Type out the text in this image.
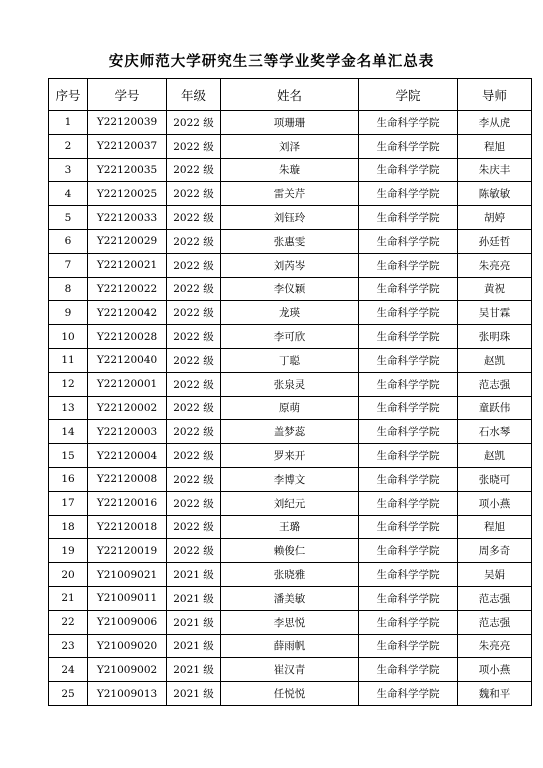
安庆师范大学研究生三等学业奖学金名单汇总表
序号	学号	年级	姓名	学院	导师
1	Y22120039	2022 级	项珊珊	生命科学学院	李从虎
2	Y22120037	2022 级	刘泽	生命科学学院	程旭
3	Y22120035	2022 级	朱璇	生命科学学院	朱庆丰
4	Y22120025	2022 级	雷关芹	生命科学学院	陈敏敏
5	Y22120033	2022 级	刘钰玲	生命科学学院	胡婷
6	Y22120029	2022 级	张惠雯	生命科学学院	孙廷哲
7	Y22120021	2022 级	刘芮岑	生命科学学院	朱亮亮
8	Y22120022	2022 级	李仪颖	生命科学学院	黄祝
9	Y22120042	2022 级	龙瑛	生命科学学院	吴甘霖
10	Y22120028	2022 级	李可欣	生命科学学院	张明珠
11	Y22120040	2022 级	丁聪	生命科学学院	赵凯
12	Y22120001	2022 级	张泉灵	生命科学学院	范志强
13	Y22120002	2022 级	原萌	生命科学学院	童跃伟
14	Y22120003	2022 级	盖梦蕊	生命科学学院	石水琴
15	Y22120004	2022 级	罗来开	生命科学学院	赵凯
16	Y22120008	2022 级	李博文	生命科学学院	张晓可
17	Y22120016	2022 级	刘纪元	生命科学学院	项小燕
18	Y22120018	2022 级	王璐	生命科学学院	程旭
19	Y22120019	2022 级	赖俊仁	生命科学学院	周多奇
20	Y21009021	2021 级	张晓雅	生命科学学院	吴娟
21	Y21009011	2021 级	潘美敏	生命科学学院	范志强
22	Y21009006	2021 级	李思悦	生命科学学院	范志强
23	Y21009020	2021 级	薛雨帆	生命科学学院	朱亮亮
24	Y21009002	2021 级	崔汉青	生命科学学院	项小燕
25	Y21009013	2021 级	任悦悦	生命科学学院	魏和平
